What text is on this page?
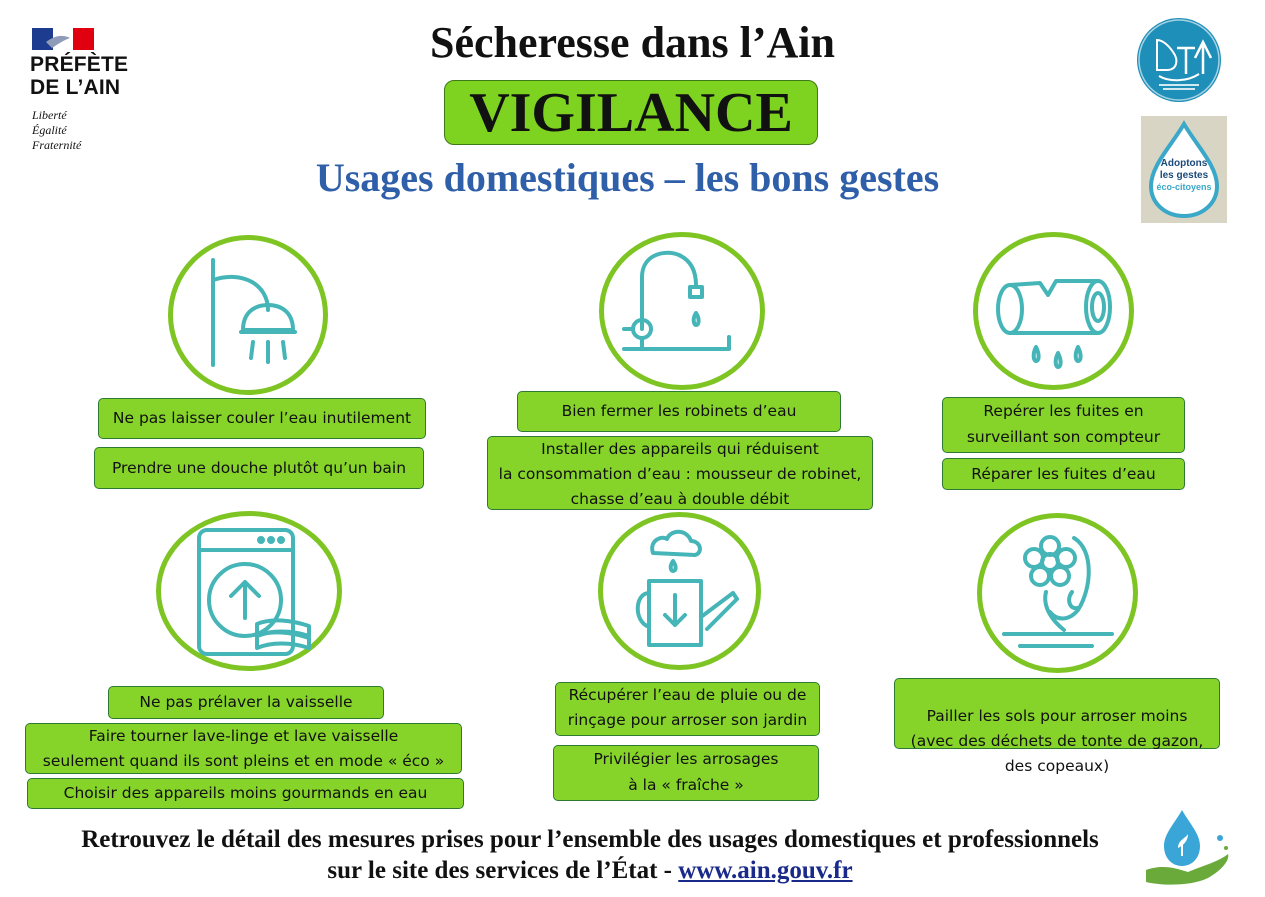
PRÉFÈTE
DE L’AIN
Liberté
Égalité
Fraternité
Sécheresse dans l’Ain
VIGILANCE
Usages domestiques – les bons gestes	Adoptons
les gestes
éco-citoyens
Ne pas laisser couler l’eau inutilement
Prendre une douche plutôt qu’un bain
Bien fermer les robinets d’eau
Installer des appareils qui réduisent
la consommation d’eau : mousseur de robinet,
chasse d’eau à double débit
Repérer les fuites en
surveillant son compteur
Réparer les fuites d’eau
Ne pas prélaver la vaisselle
Faire tourner lave-linge et lave vaisselle
seulement quand ils sont pleins et en mode « éco »
Choisir des appareils moins gourmands en eau
Récupérer l’eau de pluie ou de
rinçage pour arroser son jardin
Privilégier les arrosages
à la « fraîche »

Pailler les sols pour arroser moins
(avec des déchets de tonte de gazon,
des copeaux)

Retrouvez le détail des mesures prises pour l’ensemble des usages domestiques et professionnels
sur le site des services de l’État - www.ain.gouv.fr
